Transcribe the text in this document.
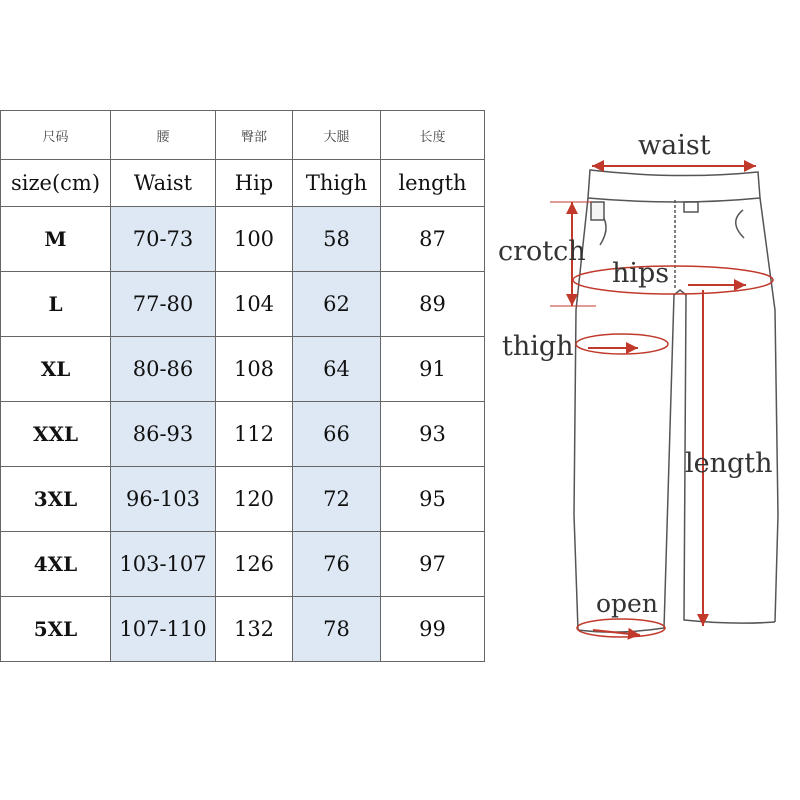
尺码	腰	臀部	大腿	长度
size(cm)	Waist	Hip	Thigh	length
M	70-73	100	58	87
L	77-80	104	62	89
XL	80-86	108	64	91
XXL	86-93	112	66	93
3XL	96-103	120	72	95
4XL	103-107	126	76	97
5XL	107-110	132	78	99
waist
crotch
hips
thigh
length
open
